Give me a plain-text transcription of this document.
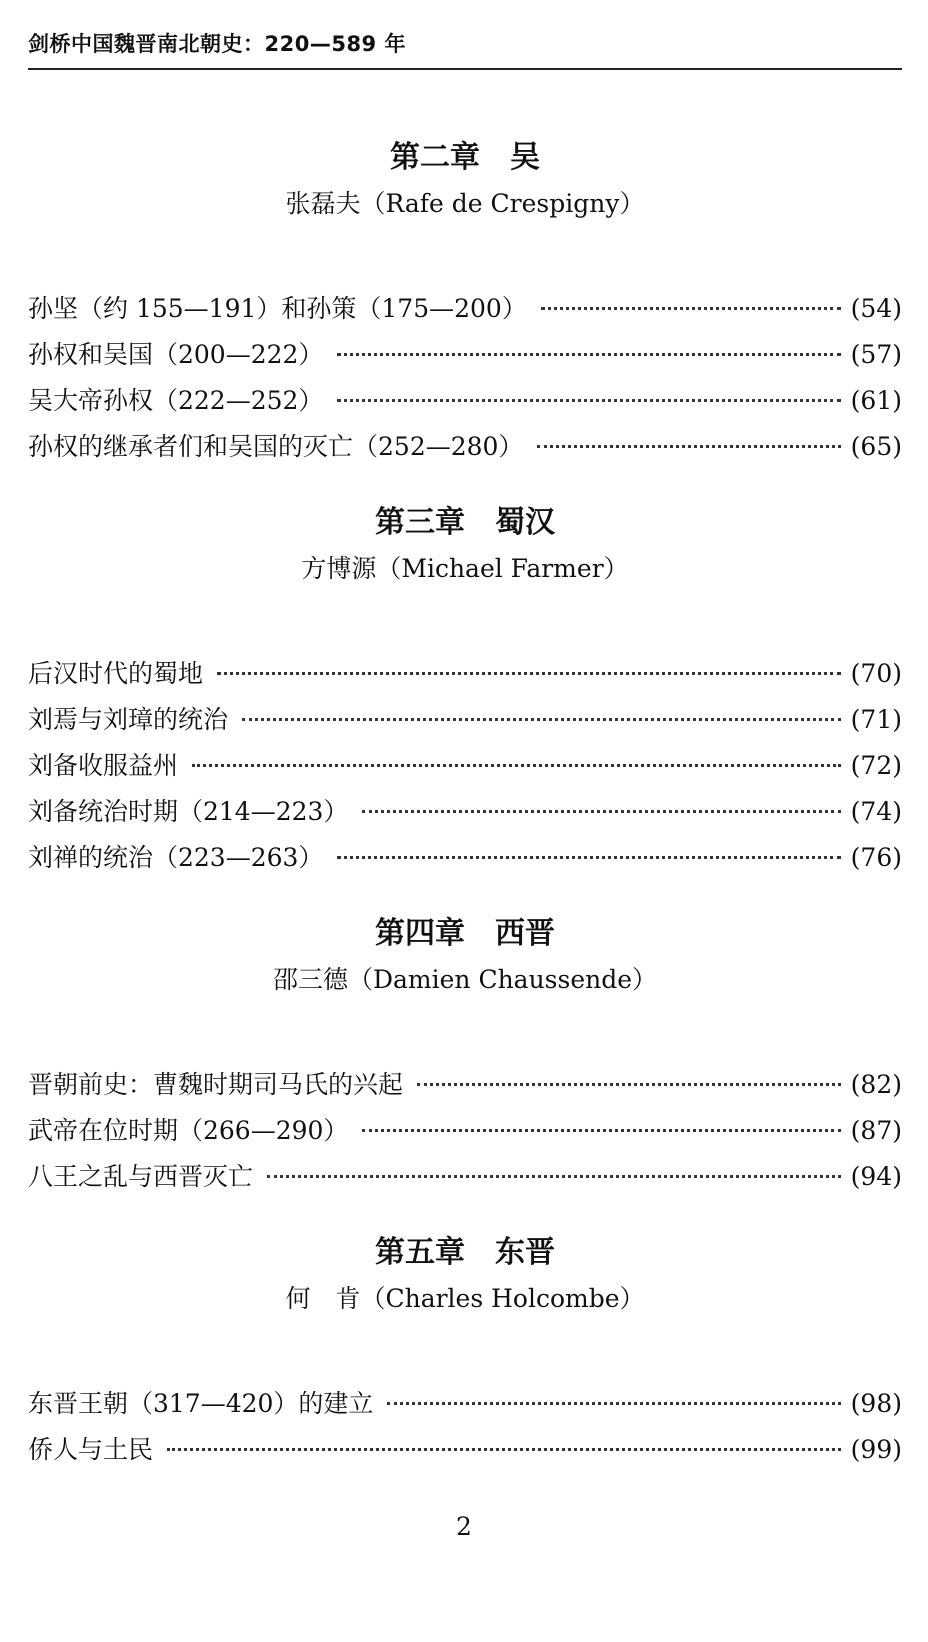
剑桥中国魏晋南北朝史：220—589 年
第二章　吴
张磊夫（Rafe de Crespigny）
孙坚（约 155—191）和孙策（175—200）	(54)
孙权和吴国（200—222）	(57)
吴大帝孙权（222—252）	(61)
孙权的继承者们和吴国的灭亡（252—280）	(65)
第三章　蜀汉
方博源（Michael Farmer）
后汉时代的蜀地	(70)
刘焉与刘璋的统治	(71)
刘备收服益州	(72)
刘备统治时期（214—223）	(74)
刘禅的统治（223—263）	(76)
第四章　西晋
邵三德（Damien Chaussende）
晋朝前史：曹魏时期司马氏的兴起	(82)
武帝在位时期（266—290）	(87)
八王之乱与西晋灭亡	(94)
第五章　东晋
何　肯（Charles Holcombe）
东晋王朝（317—420）的建立	(98)
侨人与土民	(99)
2
